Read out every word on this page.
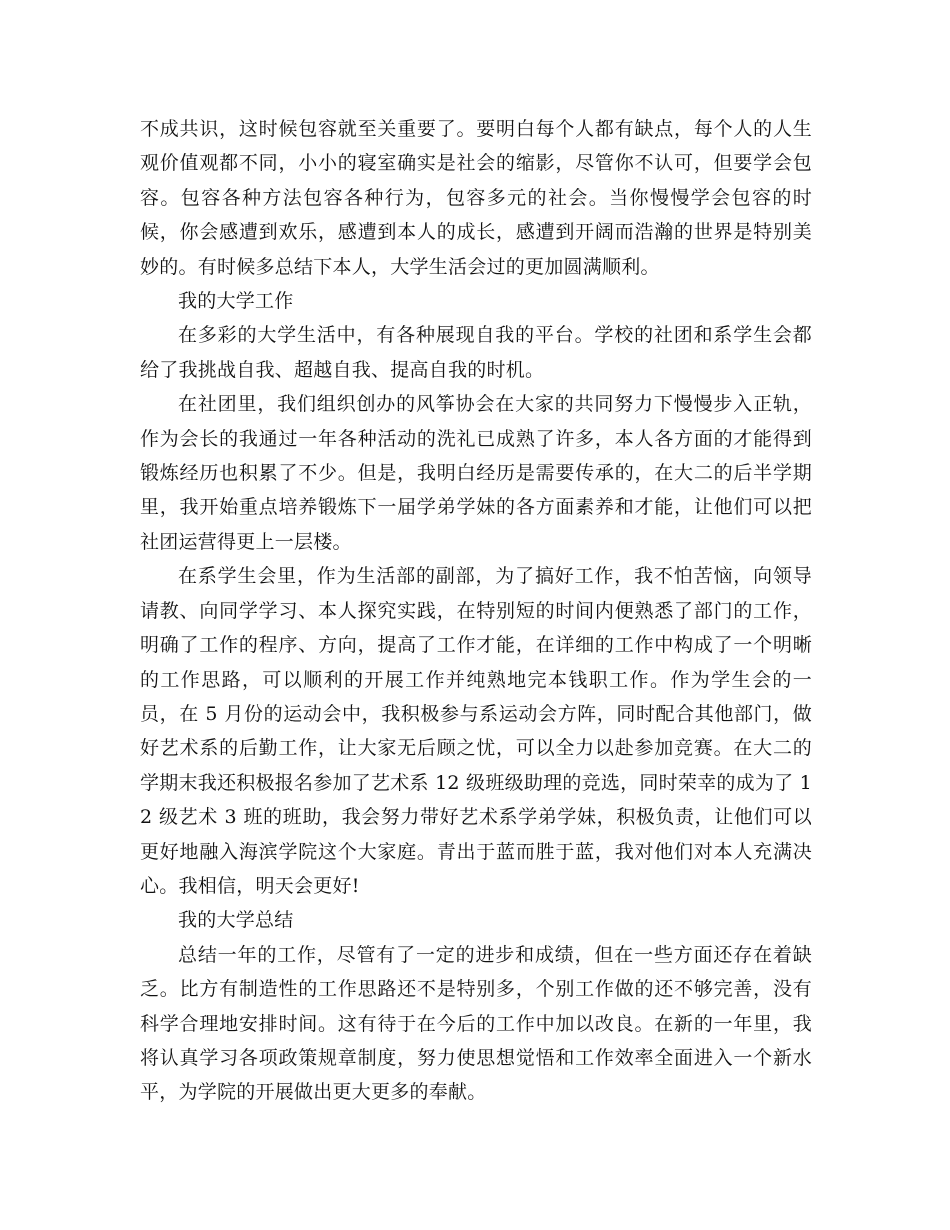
不成共识，这时候包容就至关重要了。要明白每个人都有缺点，每个人的人生观价值观都不同，小小的寝室确实是社会的缩影，尽管你不认可，但要学会包容。包容各种方法包容各种行为，包容多元的社会。当你慢慢学会包容的时候，你会感遭到欢乐，感遭到本人的成长，感遭到开阔而浩瀚的世界是特别美妙的。有时候多总结下本人，大学生活会过的更加圆满顺利。

我的大学工作

在多彩的大学生活中，有各种展现自我的平台。学校的社团和系学生会都给了我挑战自我、超越自我、提高自我的时机。

在社团里，我们组织创办的风筝协会在大家的共同努力下慢慢步入正轨，作为会长的我通过一年各种活动的洗礼已成熟了许多，本人各方面的才能得到锻炼经历也积累了不少。但是，我明白经历是需要传承的，在大二的后半学期里，我开始重点培养锻炼下一届学弟学妹的各方面素养和才能，让他们可以把社团运营得更上一层楼。

在系学生会里，作为生活部的副部，为了搞好工作，我不怕苦恼，向领导请教、向同学学习、本人探究实践，在特别短的时间内便熟悉了部门的工作，明确了工作的程序、方向，提高了工作才能，在详细的工作中构成了一个明晰的工作思路，可以顺利的开展工作并纯熟地完本钱职工作。作为学生会的一员，在 5 月份的运动会中，我积极参与系运动会方阵，同时配合其他部门，做好艺术系的后勤工作，让大家无后顾之忧，可以全力以赴参加竞赛。在大二的学期末我还积极报名参加了艺术系 12 级班级助理的竞选，同时荣幸的成为了 12 级艺术 3 班的班助，我会努力带好艺术系学弟学妹，积极负责，让他们可以更好地融入海滨学院这个大家庭。青出于蓝而胜于蓝，我对他们对本人充满决心。我相信，明天会更好!

我的大学总结

总结一年的工作，尽管有了一定的进步和成绩，但在一些方面还存在着缺乏。比方有制造性的工作思路还不是特别多，个别工作做的还不够完善，没有科学合理地安排时间。这有待于在今后的工作中加以改良。在新的一年里，我将认真学习各项政策规章制度，努力使思想觉悟和工作效率全面进入一个新水平，为学院的开展做出更大更多的奉献。
